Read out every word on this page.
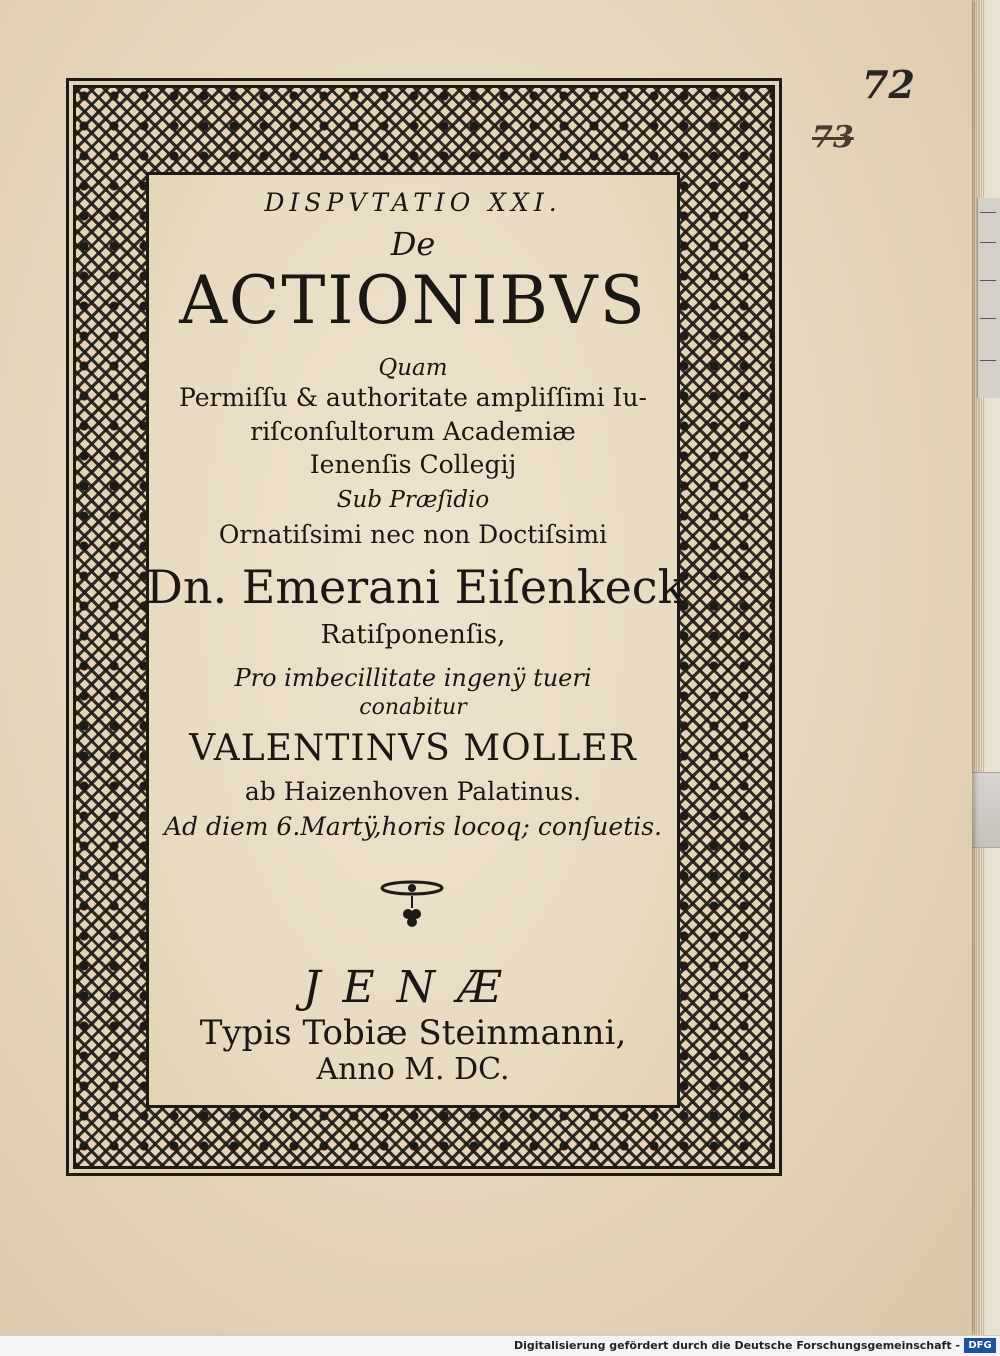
72
73
DISPVTATIO XXI.
De
ACTIONIBVS
Quam
Permiſſu & authoritate ampliſſimi Iu-
riſconſultorum Academiæ
Ienenſis Collegij
Sub Præſidio
Ornatiſsimi nec non Doctiſsimi
Dn. Emerani Eiſenkeck
Ratiſponenſis,
Pro imbecillitate ingenÿ tueri
conabitur
VALENTINVS MOLLER
ab Haizenhoven Palatinus.
Ad diem 6.Martÿ,horis locoq; conſuetis.
JENÆ
Typis Tobiæ Steinmanni,
Anno M. DC.
Digitalisierung gefördert durch die Deutsche Forschungsgemeinschaft - DFG
